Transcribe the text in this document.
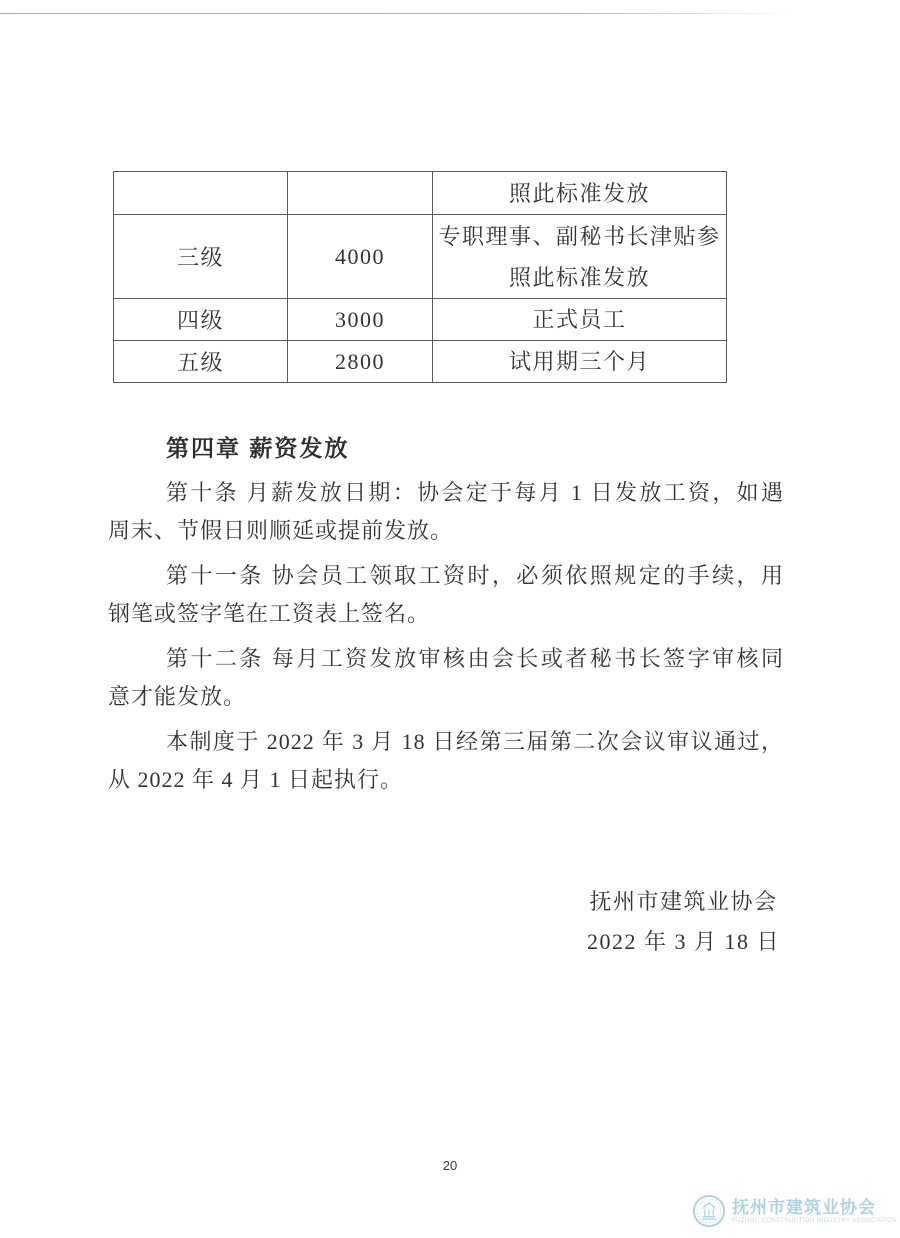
		照此标准发放

三级	4000	专职理事、副秘书长津贴参
照此标准发放

四级	3000	正式员工

五级	2800	试用期三个月
第四章 薪资发放
第十条 月薪发放日期：协会定于每月 1 日发放工资，如遇
周末、节假日则顺延或提前发放。
第十一条 协会员工领取工资时，必须依照规定的手续，用
钢笔或签字笔在工资表上签名。
第十二条 每月工资发放审核由会长或者秘书长签字审核同
意才能发放。
本制度于 2022 年 3 月 18 日经第三届第二次会议审议通过，
从 2022 年 4 月 1 日起执行。
抚州市建筑业协会
2022 年 3 月 18 日
20
抚州市建筑业协会
FUZHOU CONSTRUCTION INDUSTRY ASSOCIATION
